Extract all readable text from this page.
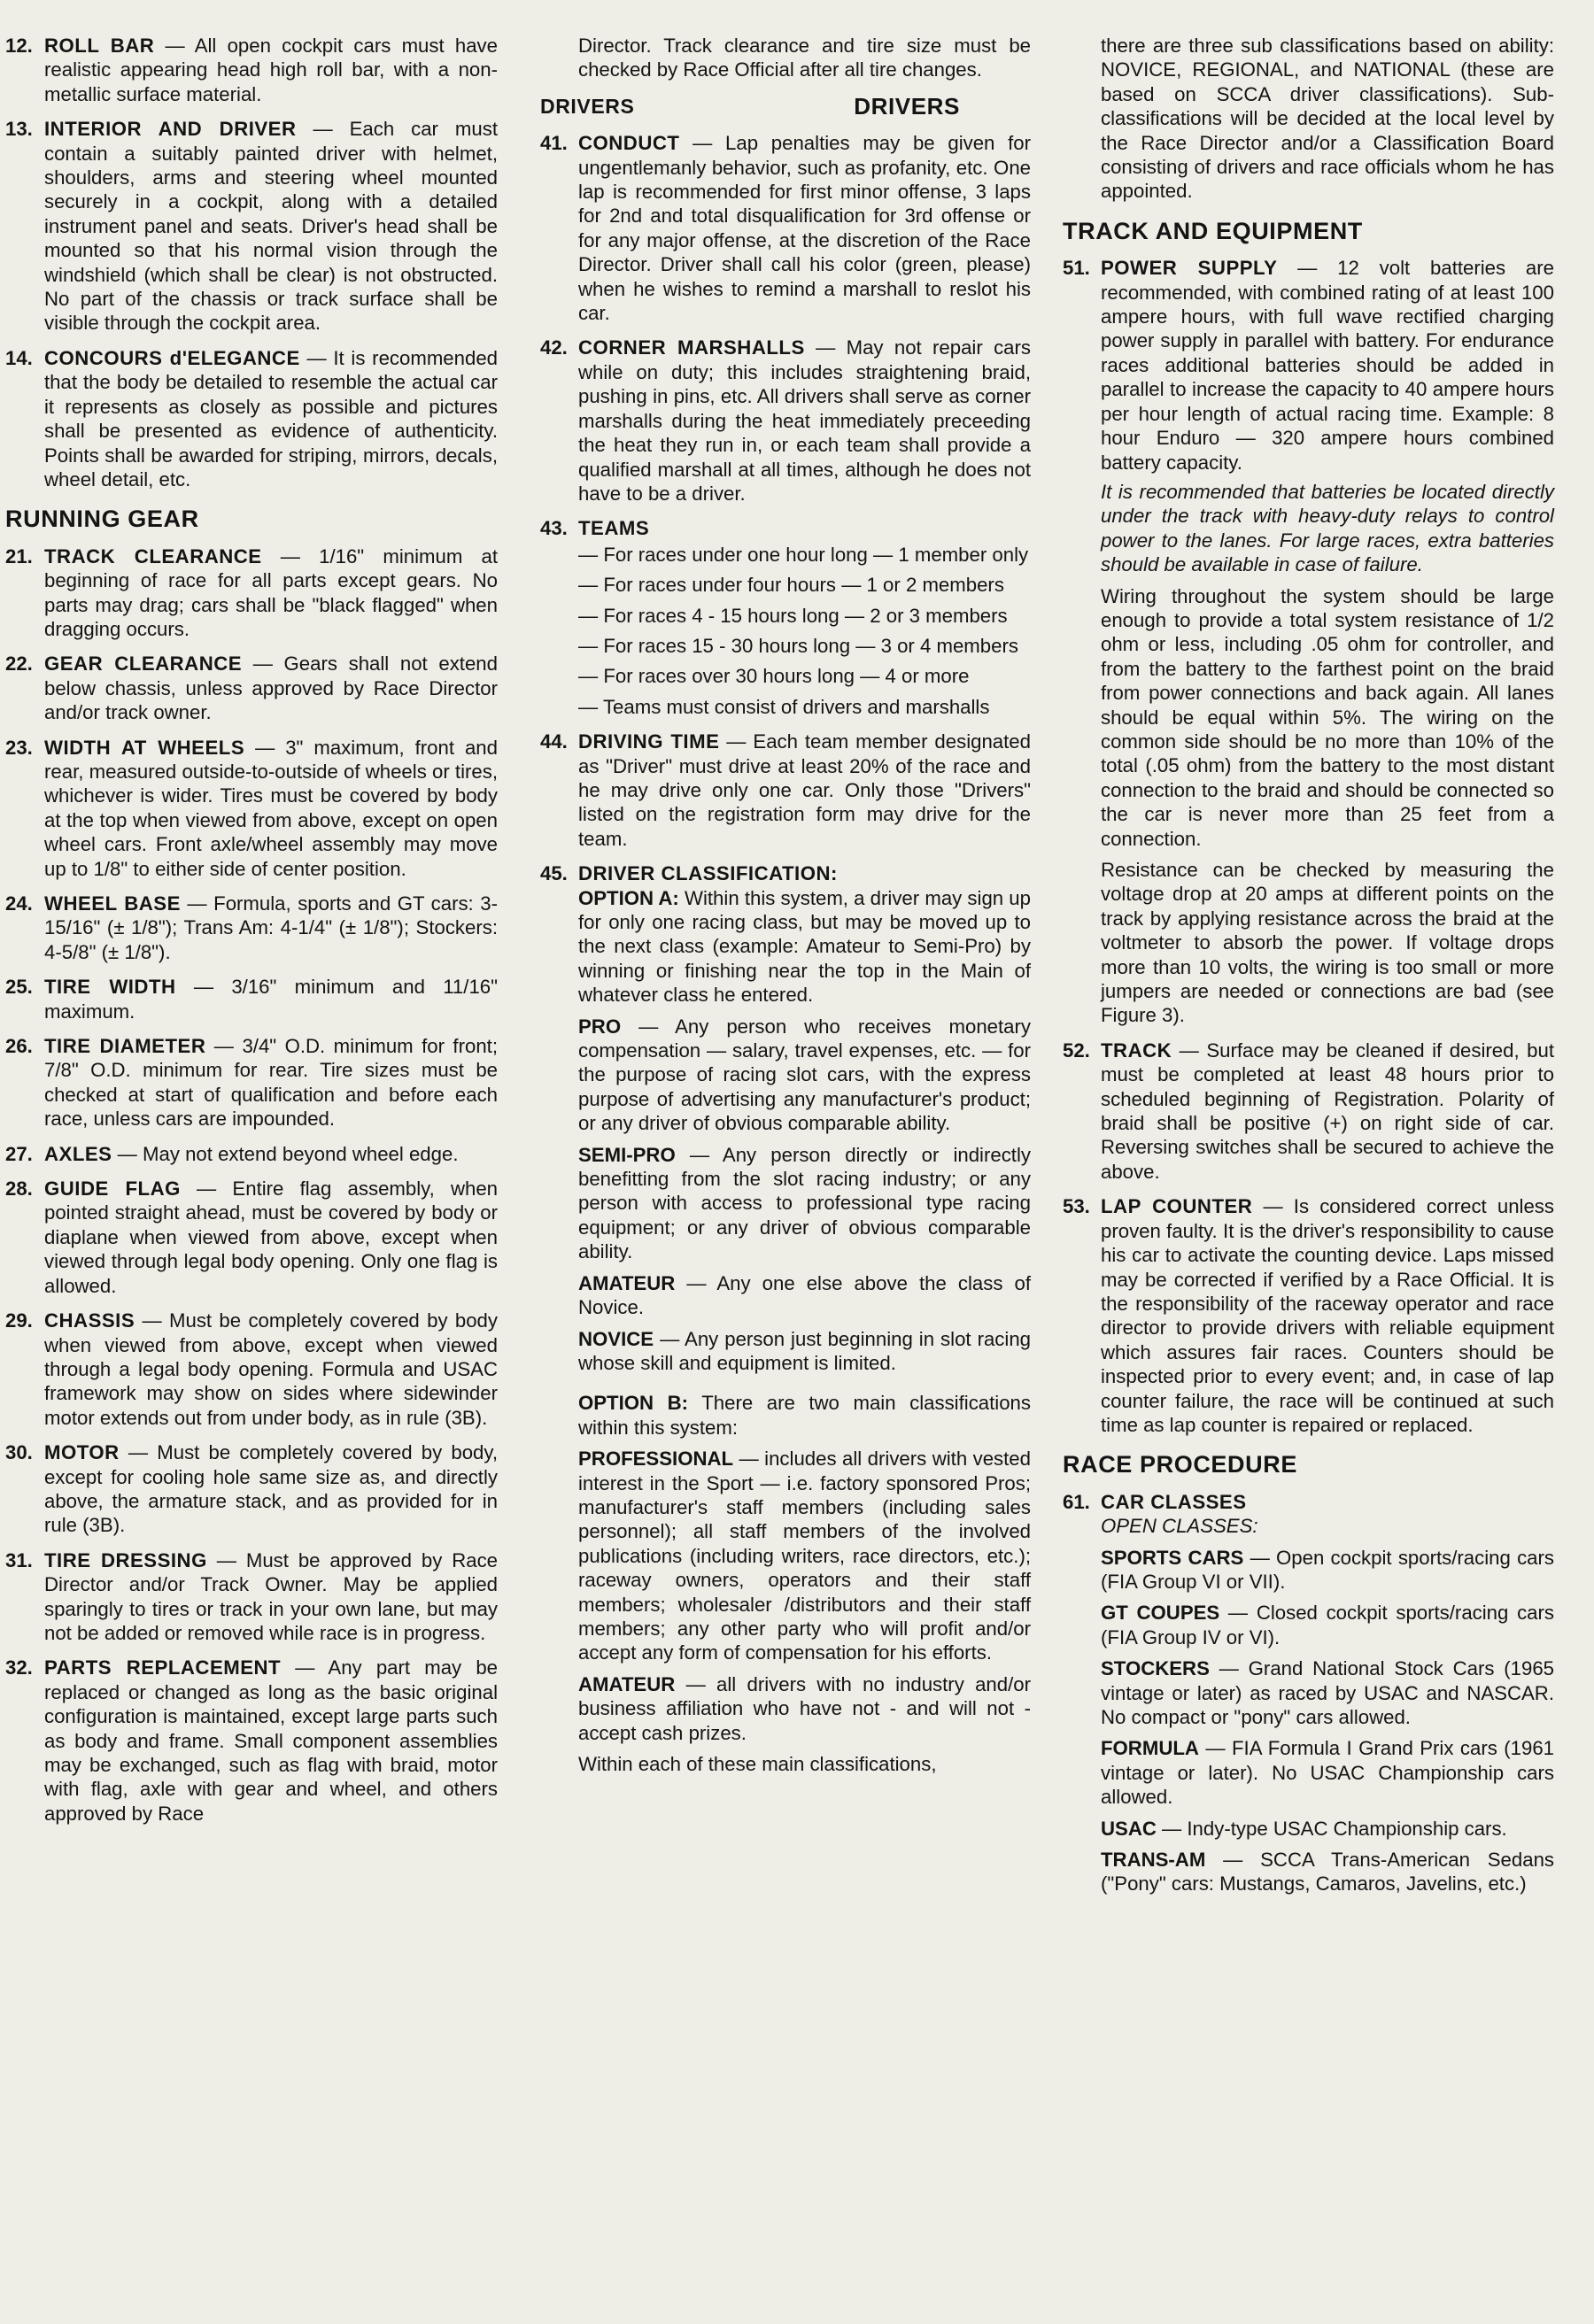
12. ROLL BAR — All open cockpit cars must have realistic appearing head high roll bar, with a non-metallic surface material.
13. INTERIOR AND DRIVER — Each car must contain a suitably painted driver with helmet, shoulders, arms and steering wheel mounted securely in a cockpit, along with a detailed instrument panel and seats. Driver's head shall be mounted so that his normal vision through the windshield (which shall be clear) is not obstructed. No part of the chassis or track surface shall be visible through the cockpit area.
14. CONCOURS d'ELEGANCE — It is recommended that the body be detailed to resemble the actual car it represents as closely as possible and pictures shall be presented as evidence of authenticity. Points shall be awarded for striping, mirrors, decals, wheel detail, etc.
RUNNING GEAR
21. TRACK CLEARANCE — 1/16" minimum at beginning of race for all parts except gears. No parts may drag; cars shall be "black flagged" when dragging occurs.
22. GEAR CLEARANCE — Gears shall not extend below chassis, unless approved by Race Director and/or track owner.
23. WIDTH AT WHEELS — 3" maximum, front and rear, measured outside-to-outside of wheels or tires, whichever is wider. Tires must be covered by body at the top when viewed from above, except on open wheel cars. Front axle/wheel assembly may move up to 1/8" to either side of center position.
24. WHEEL BASE — Formula, sports and GT cars: 3-15/16" (± 1/8"); Trans Am: 4-1/4" (± 1/8"); Stockers: 4-5/8" (± 1/8").
25. TIRE WIDTH — 3/16" minimum and 11/16" maximum.
26. TIRE DIAMETER — 3/4" O.D. minimum for front; 7/8" O.D. minimum for rear. Tire sizes must be checked at start of qualification and before each race, unless cars are impounded.
27. AXLES — May not extend beyond wheel edge.
28. GUIDE FLAG — Entire flag assembly, when pointed straight ahead, must be covered by body or diaplane when viewed from above, except when viewed through legal body opening. Only one flag is allowed.
29. CHASSIS — Must be completely covered by body when viewed from above, except when viewed through a legal body opening. Formula and USAC framework may show on sides where sidewinder motor extends out from under body, as in rule (3B).
30. MOTOR — Must be completely covered by body, except for cooling hole same size as, and directly above, the armature stack, and as provided for in rule (3B).
31. TIRE DRESSING — Must be approved by Race Director and/or Track Owner. May be applied sparingly to tires or track in your own lane, but may not be added or removed while race is in progress.
32. PARTS REPLACEMENT — Any part may be replaced or changed as long as the basic original configuration is maintained, except large parts such as body and frame. Small component assemblies may be exchanged, such as flag with braid, motor with flag, axle with gear and wheel, and others approved by Race
Director. Track clearance and tire size must be checked by Race Official after all tire changes.
DRIVERS	DRIVERS
41. CONDUCT — Lap penalties may be given for ungentlemanly behavior, such as profanity, etc. One lap is recommended for first minor offense, 3 laps for 2nd and total disqualification for 3rd offense or for any major offense, at the discretion of the Race Director. Driver shall call his color (green, please) when he wishes to remind a marshall to reslot his car.
42. CORNER MARSHALLS — May not repair cars while on duty; this includes straightening braid, pushing in pins, etc. All drivers shall serve as corner marshalls during the heat immediately preceeding the heat they run in, or each team shall provide a qualified marshall at all times, although he does not have to be a driver.
43. TEAMS
— For races under one hour long — 1 member only
— For races under four hours — 1 or 2 members
— For races 4 - 15 hours long — 2 or 3 members
— For races 15 - 30 hours long — 3 or 4 members
— For races over 30 hours long — 4 or more
— Teams must consist of drivers and marshalls
44. DRIVING TIME — Each team member designated as "Driver" must drive at least 20% of the race and he may drive only one car. Only those "Drivers" listed on the registration form may drive for the team.
45. DRIVER CLASSIFICATION:
OPTION A: Within this system, a driver may sign up for only one racing class, but may be moved up to the next class (example: Amateur to Semi-Pro) by winning or finishing near the top in the Main of whatever class he entered.
PRO — Any person who receives monetary compensation — salary, travel expenses, etc. — for the purpose of racing slot cars, with the express purpose of advertising any manufacturer's product; or any driver of obvious comparable ability.
SEMI-PRO — Any person directly or indirectly benefitting from the slot racing industry; or any person with access to professional type racing equipment; or any driver of obvious comparable ability.
AMATEUR — Any one else above the class of Novice.
NOVICE — Any person just beginning in slot racing whose skill and equipment is limited.
OPTION B: There are two main classifications within this system:
PROFESSIONAL — includes all drivers with vested interest in the Sport — i.e. factory sponsored Pros; manufacturer's staff members (including sales personnel); all staff members of the involved publications (including writers, race directors, etc.); raceway owners, operators and their staff members; wholesaler /distributors and their staff members; any other party who will profit and/or accept any form of compensation for his efforts.
AMATEUR — all drivers with no industry and/or business affiliation who have not - and will not - accept cash prizes.
Within each of these main classifications,
there are three sub classifications based on ability: NOVICE, REGIONAL, and NATIONAL (these are based on SCCA driver classifications). Sub-classifications will be decided at the local level by the Race Director and/or a Classification Board consisting of drivers and race officials whom he has appointed.
TRACK AND EQUIPMENT
51. POWER SUPPLY — 12 volt batteries are recommended, with combined rating of at least 100 ampere hours, with full wave rectified charging power supply in parallel with battery. For endurance races additional batteries should be added in parallel to increase the capacity to 40 ampere hours per hour length of actual racing time. Example: 8 hour Enduro — 320 ampere hours combined battery capacity.
It is recommended that batteries be located directly under the track with heavy-duty relays to control power to the lanes. For large races, extra batteries should be available in case of failure.
Wiring throughout the system should be large enough to provide a total system resistance of 1/2 ohm or less, including .05 ohm for controller, and from the battery to the farthest point on the braid from power connections and back again. All lanes should be equal within 5%. The wiring on the common side should be no more than 10% of the total (.05 ohm) from the battery to the most distant connection to the braid and should be connected so the car is never more than 25 feet from a connection.
Resistance can be checked by measuring the voltage drop at 20 amps at different points on the track by applying resistance across the braid at the voltmeter to absorb the power. If voltage drops more than 10 volts, the wiring is too small or more jumpers are needed or connections are bad (see Figure 3).
52. TRACK — Surface may be cleaned if desired, but must be completed at least 48 hours prior to scheduled beginning of Registration. Polarity of braid shall be positive (+) on right side of car. Reversing switches shall be secured to achieve the above.
53. LAP COUNTER — Is considered correct unless proven faulty. It is the driver's responsibility to cause his car to activate the counting device. Laps missed may be corrected if verified by a Race Official. It is the responsibility of the raceway operator and race director to provide drivers with reliable equipment which assures fair races. Counters should be inspected prior to every event; and, in case of lap counter failure, the race will be continued at such time as lap counter is repaired or replaced.
RACE PROCEDURE
61. CAR CLASSES
OPEN CLASSES:
SPORTS CARS — Open cockpit sports/racing cars (FIA Group VI or VII).
GT COUPES — Closed cockpit sports/racing cars (FIA Group IV or VI).
STOCKERS — Grand National Stock Cars (1965 vintage or later) as raced by USAC and NASCAR. No compact or "pony" cars allowed.
FORMULA — FIA Formula I Grand Prix cars (1961 vintage or later). No USAC Championship cars allowed.
USAC — Indy-type USAC Championship cars.
TRANS-AM — SCCA Trans-American Sedans ("Pony" cars: Mustangs, Camaros, Javelins, etc.)
